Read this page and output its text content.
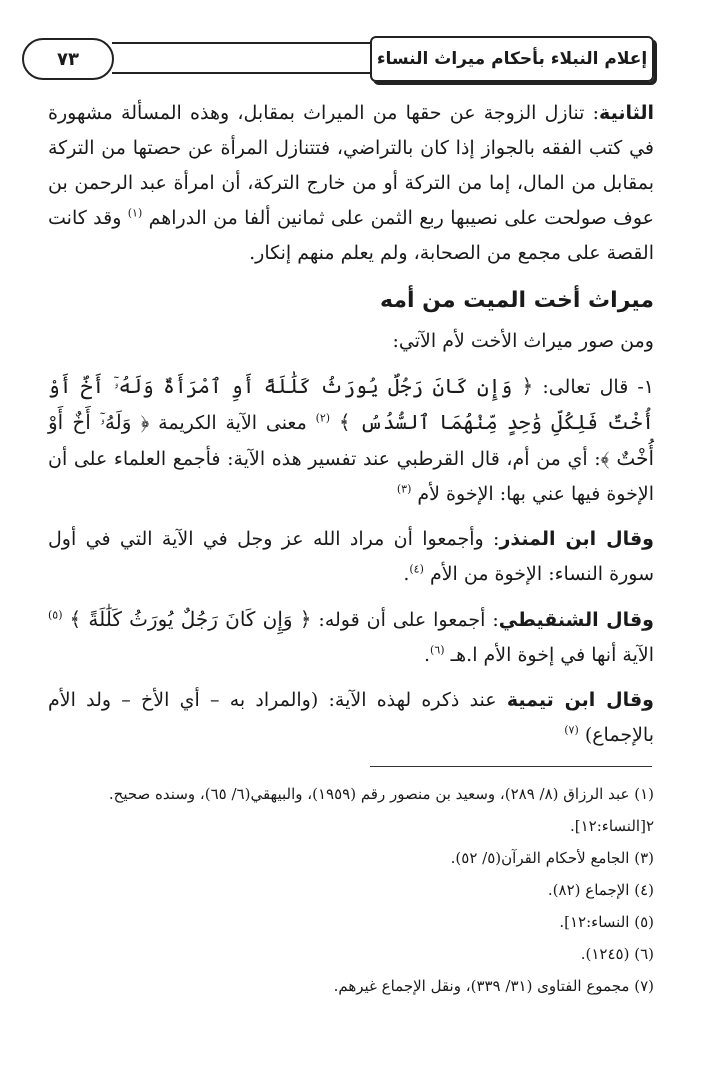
إعلام النبلاء بأحكام ميراث النساء
٧٣

الثانية: تنازل الزوجة عن حقها من الميراث بمقابل، وهذه المسألة مشهورة في كتب الفقه بالجواز إذا كان بالتراضي، فتتنازل المرأة عن حصتها من التركة بمقابل من المال، إما من التركة أو من خارج التركة، أن امرأة عبد الرحمن بن عوف صولحت على نصيبها ربع الثمن على ثمانين ألفا من الدراهم $^{(١)}$ وقد كانت القصة على مجمع من الصحابة، ولم يعلم منهم إنكار.

ميراث أخت الميت من أمه

ومن صور ميراث الأخت لأم الآتي:

١- قال تعالى: ﴿ وَإِن كَانَ رَجُلٌ يُورَثُ كَلَٰلَةً أَوِ ٱمْرَأَةٌ وَلَهُۥٓ أَخٌ أَوْ أُخْتٌ فَلِكُلِّ وَٰحِدٍ مِّنْهُمَا ٱلسُّدُسُ ﴾ $^{(٢)}$ معنى الآية الكريمة ﴿ وَلَهُۥٓ أَخٌ أَوْ أُخْتٌ ﴾: أي من أم، قال القرطبي عند تفسير هذه الآية: فأجمع العلماء على أن الإخوة فيها عني بها: الإخوة لأم $^{(٣)}$

وقال ابن المنذر: وأجمعوا أن مراد الله عز وجل في الآية التي في أول سورة النساء: الإخوة من الأم $^{(٤)}$.

وقال الشنقيطي: أجمعوا على أن قوله: ﴿ وَإِن كَانَ رَجُلٌ يُورَثُ كَلَٰلَةً ﴾ $^{(٥)}$ الآية أنها في إخوة الأم ا.هـ $^{(٦)}$.

وقال ابن تيمية عند ذكره لهذه الآية: (والمراد به – أي الأخ – ولد الأم بالإجماع) $^{(٧)}$

(١) عبد الرزاق (٨/ ٢٨٩)، وسعيد بن منصور رقم (١٩٥٩)، والبيهقي(٦/ ٦٥)، وسنده صحيح.

٢[النساء:١٢].

(٣) الجامع لأحكام القرآن(٥/ ٥٢).

(٤) الإجماع (٨٢).

(٥) النساء:١٢].

(٦) (١٢٤٥).

(٧) مجموع الفتاوى (٣١/ ٣٣٩)، ونقل الإجماع غيرهم.
